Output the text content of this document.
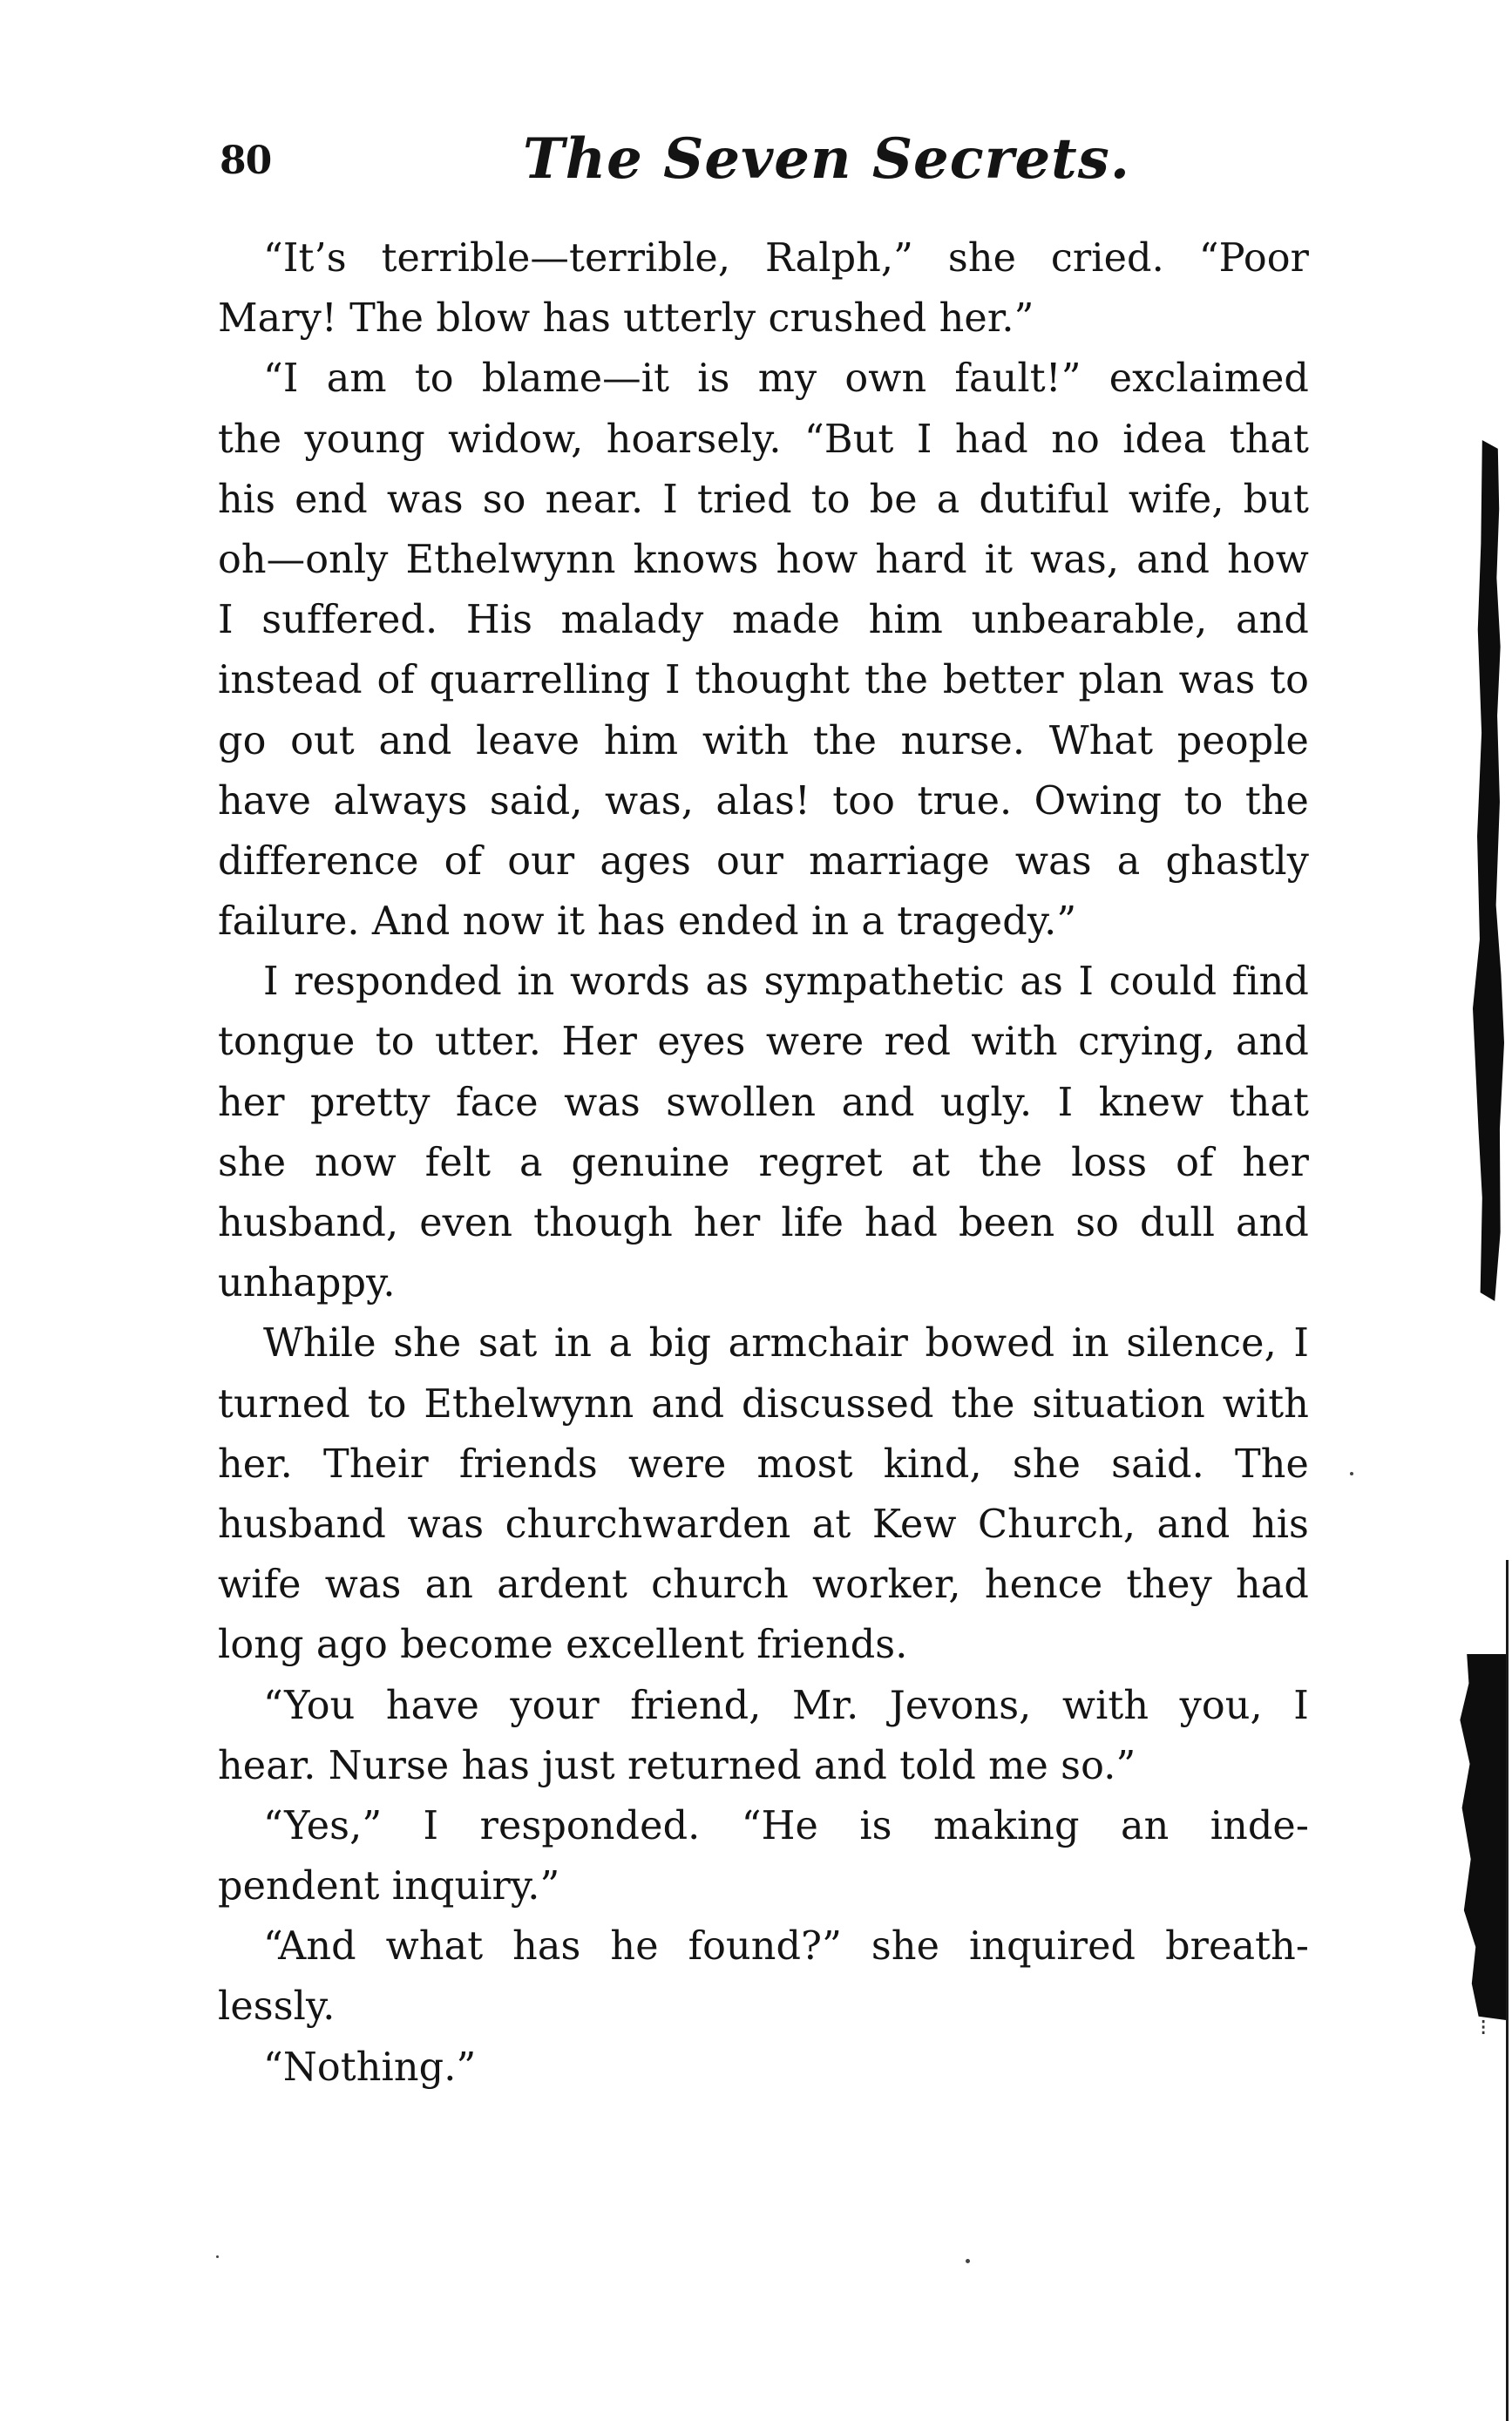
80	The Seven Secrets.
“It’s terrible—terrible, Ralph,” she cried. “Poor
Mary! The blow has utterly crushed her.”
“I am to blame—it is my own fault!” exclaimed
the young widow, hoarsely. “But I had no idea that
his end was so near. I tried to be a dutiful wife, but
oh—only Ethelwynn knows how hard it was, and how
I suffered. His malady made him unbearable, and
instead of quarrelling I thought the better plan was to
go out and leave him with the nurse. What people
have always said, was, alas! too true. Owing to the
difference of our ages our marriage was a ghastly
failure. And now it has ended in a tragedy.”
I responded in words as sympathetic as I could find
tongue to utter. Her eyes were red with crying, and
her pretty face was swollen and ugly. I knew that
she now felt a genuine regret at the loss of her
husband, even though her life had been so dull and
unhappy.
While she sat in a big armchair bowed in silence, I
turned to Ethelwynn and discussed the situation with
her. Their friends were most kind, she said. The
husband was churchwarden at Kew Church, and his
wife was an ardent church worker, hence they had
long ago become excellent friends.
“You have your friend, Mr. Jevons, with you, I
hear. Nurse has just returned and told me so.”
“Yes,” I responded. “He is making an inde-
pendent inquiry.”
“And what has he found?” she inquired breath-
lessly.
“Nothing.”
⁝
